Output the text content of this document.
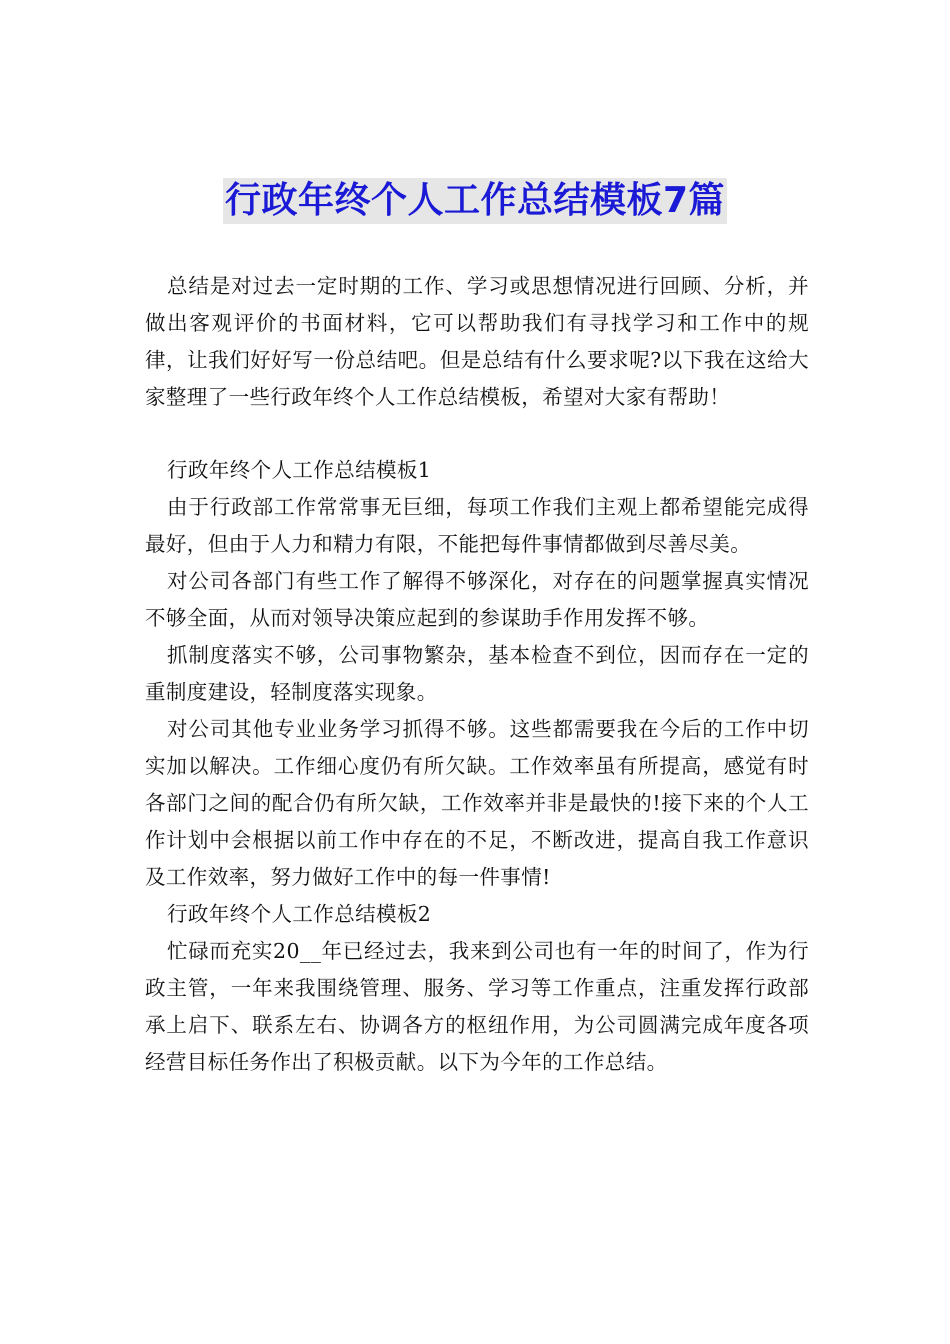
行政年终个人工作总结模板7篇

总结是对过去一定时期的工作、学习或思想情况进行回顾、分析，并做出客观评价的书面材料，它可以帮助我们有寻找学习和工作中的规律，让我们好好写一份总结吧。但是总结有什么要求呢?以下我在这给大家整理了一些行政年终个人工作总结模板，希望对大家有帮助！

行政年终个人工作总结模板1

由于行政部工作常常事无巨细，每项工作我们主观上都希望能完成得最好，但由于人力和精力有限，不能把每件事情都做到尽善尽美。

对公司各部门有些工作了解得不够深化，对存在的问题掌握真实情况不够全面，从而对领导决策应起到的参谋助手作用发挥不够。

抓制度落实不够，公司事物繁杂，基本检查不到位，因而存在一定的重制度建设，轻制度落实现象。

对公司其他专业业务学习抓得不够。这些都需要我在今后的工作中切实加以解决。工作细心度仍有所欠缺。工作效率虽有所提高，感觉有时各部门之间的配合仍有所欠缺，工作效率并非是最快的!接下来的个人工作计划中会根据以前工作中存在的不足，不断改进，提高自我工作意识及工作效率，努力做好工作中的每一件事情!

行政年终个人工作总结模板2

忙碌而充实20__年已经过去，我来到公司也有一年的时间了，作为行政主管，一年来我围绕管理、服务、学习等工作重点，注重发挥行政部承上启下、联系左右、协调各方的枢纽作用，为公司圆满完成年度各项经营目标任务作出了积极贡献。以下为今年的工作总结。
